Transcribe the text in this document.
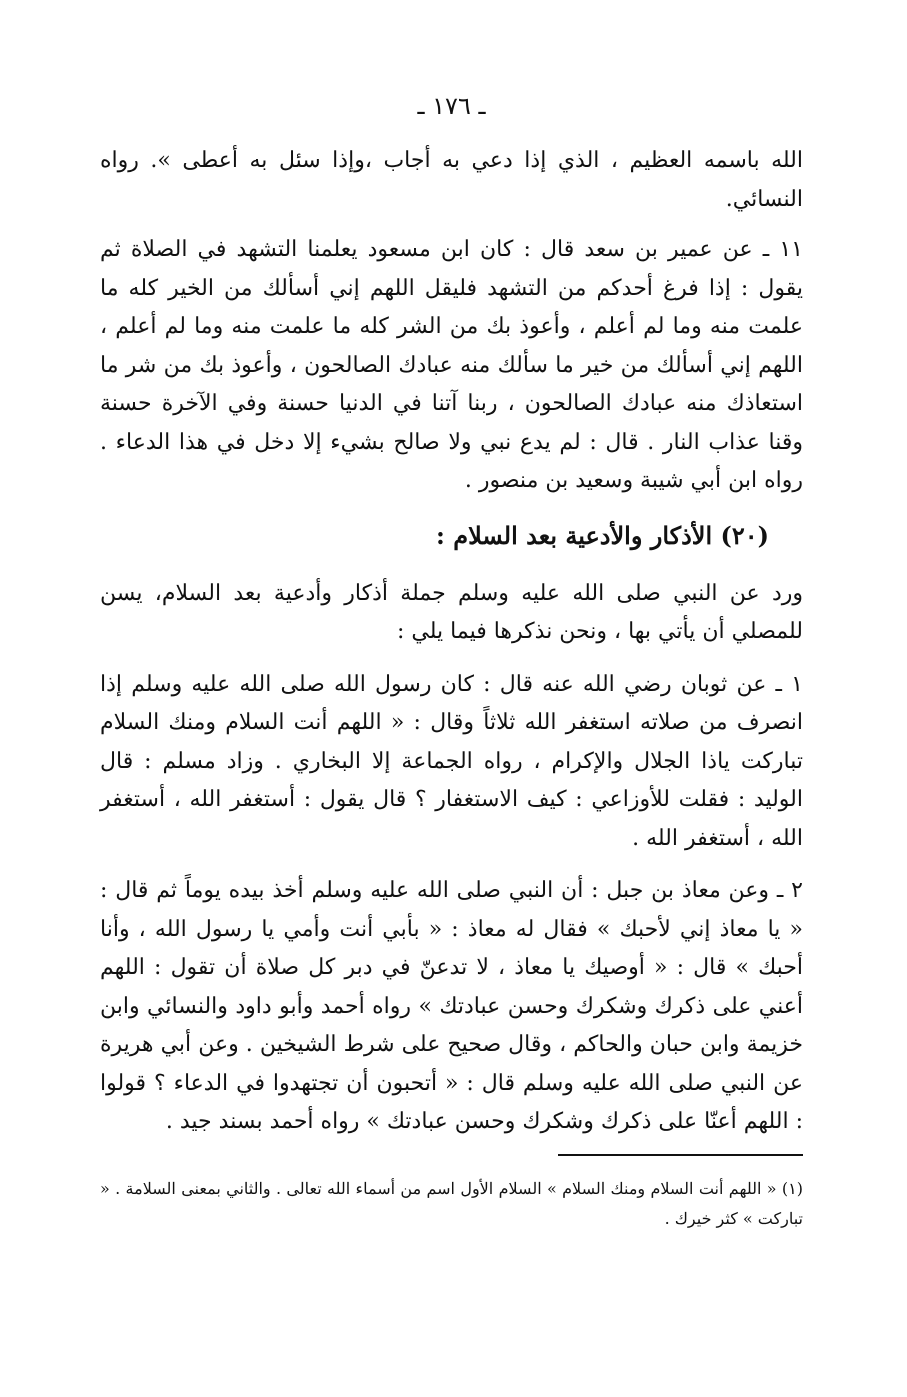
ـ ١٧٦ ـ

الله باسمه العظيم ، الذي إذا دعي به أجاب ،وإذا سئل به أعطى ». رواه النسائي.

١١ ـ عن عمير بن سعد قال : كان ابن مسعود يعلمنا التشهد في الصلاة ثم يقول : إذا فرغ أحدكم من التشهد فليقل اللهم إني أسألك من الخير كله ما علمت منه وما لم أعلم ، وأعوذ بك من الشر كله ما علمت منه وما لم أعلم ، اللهم إني أسألك من خير ما سألك منه عبادك الصالحون ، وأعوذ بك من شر ما استعاذك منه عبادك الصالحون ، ربنا آتنا في الدنيا حسنة وفي الآخرة حسنة وقنا عذاب النار . قال : لم يدع نبي ولا صالح بشيء إلا دخل في هذا الدعاء . رواه ابن أبي شيبة وسعيد بن منصور .

(٢٠) الأذكار والأدعية بعد السلام :

ورد عن النبي صلى الله عليه وسلم جملة أذكار وأدعية بعد السلام، يسن للمصلي أن يأتي بها ، ونحن نذكرها فيما يلي :

١ ـ عن ثوبان رضي الله عنه قال : كان رسول الله صلى الله عليه وسلم إذا انصرف من صلاته استغفر الله ثلاثاً وقال : « اللهم أنت السلام ومنك السلام تباركت ياذا الجلال والإكرام ، رواه الجماعة إلا البخاري . وزاد مسلم : قال الوليد : فقلت للأوزاعي : كيف الاستغفار ؟ قال يقول : أستغفر الله ، أستغفر الله ، أستغفر الله .

٢ ـ وعن معاذ بن جبل : أن النبي صلى الله عليه وسلم أخذ بيده يوماً ثم قال : « يا معاذ إني لأحبك » فقال له معاذ : « بأبي أنت وأمي يا رسول الله ، وأنا أحبك » قال : « أوصيك يا معاذ ، لا تدعنّ في دبر كل صلاة أن تقول : اللهم أعني على ذكرك وشكرك وحسن عبادتك » رواه أحمد وأبو داود والنسائي وابن خزيمة وابن حبان والحاكم ، وقال صحيح على شرط الشيخين . وعن أبي هريرة عن النبي صلى الله عليه وسلم قال : « أتحبون أن تجتهدوا في الدعاء ؟ قولوا : اللهم أعنّا على ذكرك وشكرك وحسن عبادتك » رواه أحمد بسند جيد .

(١) « اللهم أنت السلام ومنك السلام » السلام الأول اسم من أسماء الله تعالى . والثاني بمعنى السلامة . « تباركت » كثر خيرك .
